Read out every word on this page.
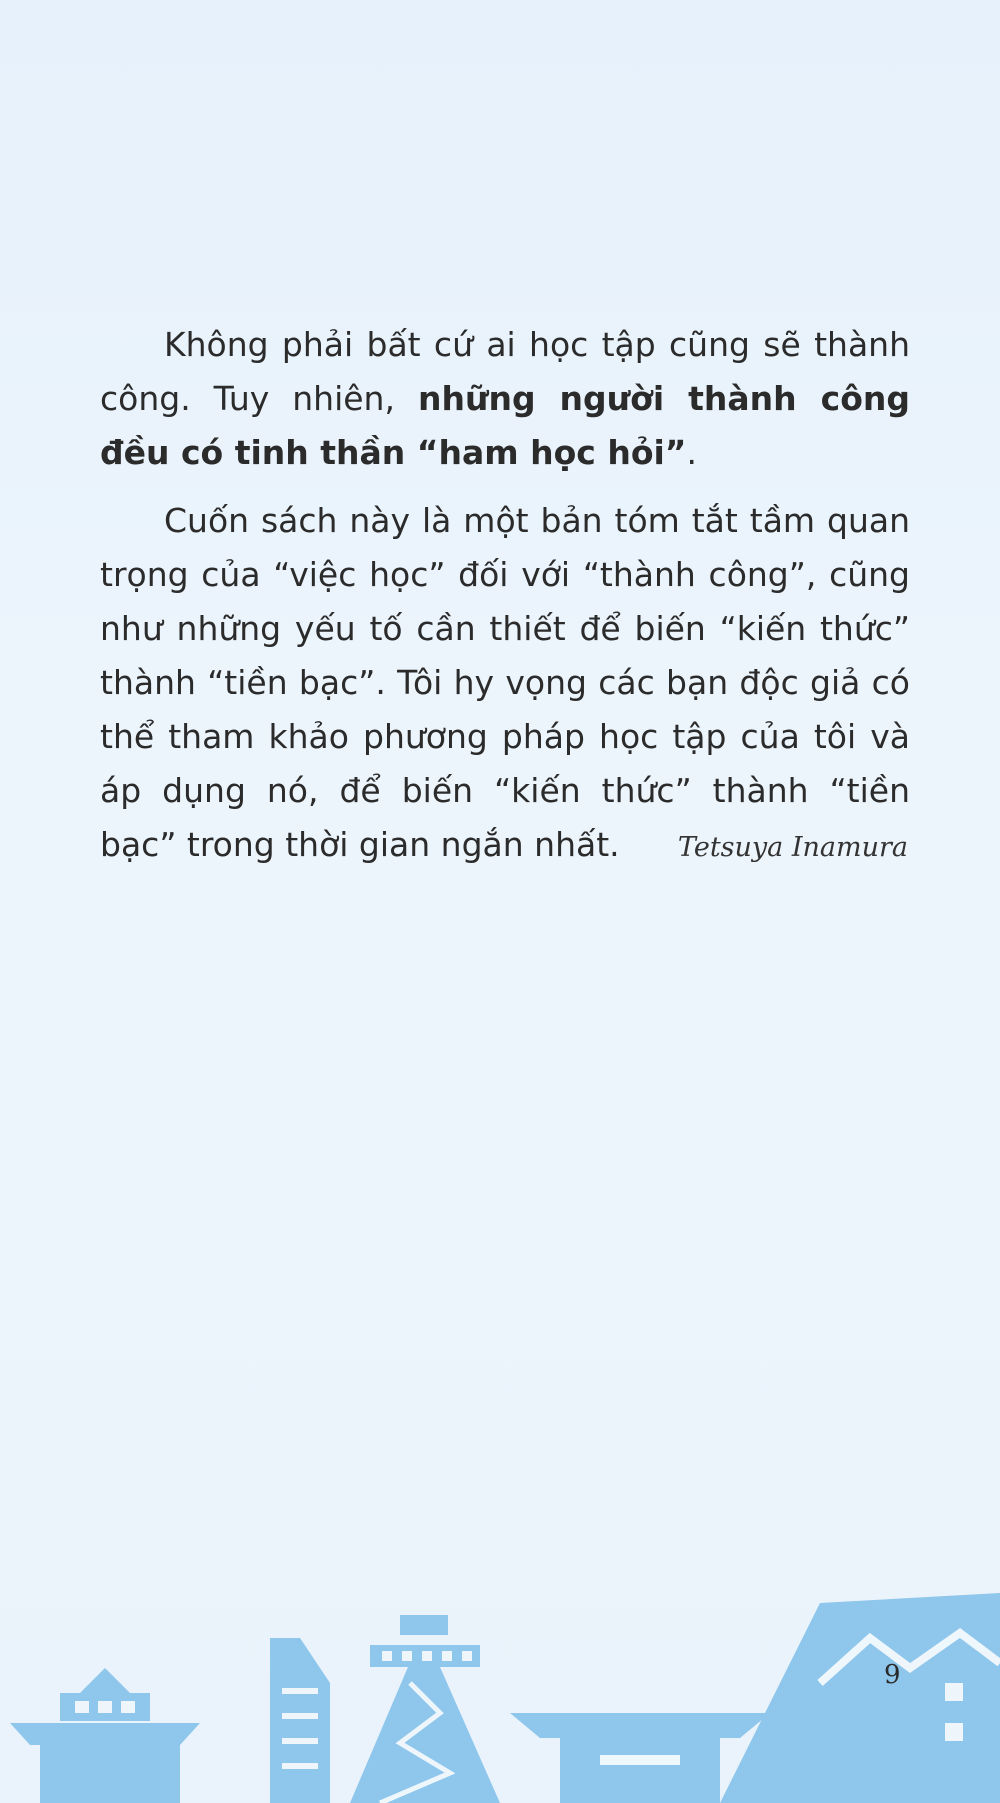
Không phải bất cứ ai học tập cũng sẽ thành công. Tuy nhiên, những người thành công đều có tinh thần “ham học hỏi”.

Cuốn sách này là một bản tóm tắt tầm quan trọng của “việc học” đối với “thành công”, cũng như những yếu tố cần thiết để biến “kiến thức” thành “tiền bạc”. Tôi hy vọng các bạn độc giả có thể tham khảo phương pháp học tập của tôi và áp dụng nó, để biến “kiến thức” thành “tiền bạc” trong thời gian ngắn nhất.	Tetsuya Inamura
9
